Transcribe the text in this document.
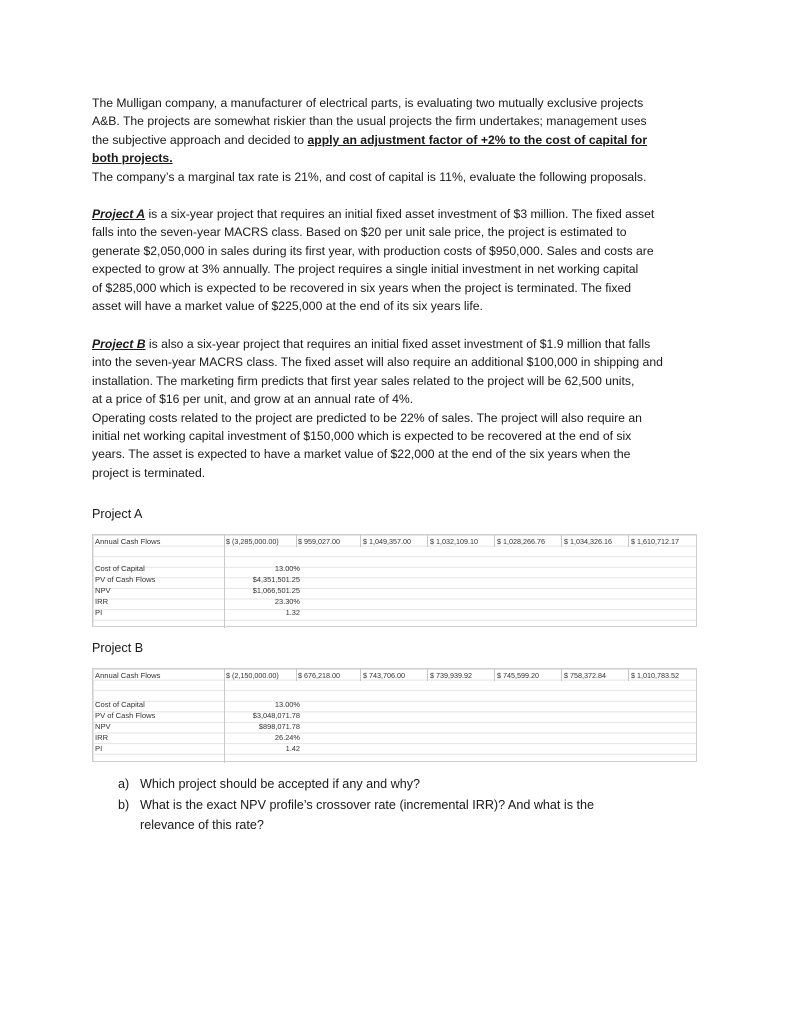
The Mulligan company, a manufacturer of electrical parts, is evaluating two mutually exclusive projects
A&B. The projects are somewhat riskier than the usual projects the firm undertakes; management uses
the subjective approach and decided to apply an adjustment factor of +2% to the cost of capital for
both projects.
The company’s a marginal tax rate is 21%, and cost of capital is 11%, evaluate the following proposals.
Project A is a six-year project that requires an initial fixed asset investment of $3 million. The fixed asset
falls into the seven-year MACRS class. Based on $20 per unit sale price, the project is estimated to
generate $2,050,000 in sales during its first year, with production costs of $950,000. Sales and costs are
expected to grow at 3% annually. The project requires a single initial investment in net working capital
of $285,000 which is expected to be recovered in six years when the project is terminated. The fixed
asset will have a market value of $225,000 at the end of its six years life.
Project B is also a six-year project that requires an initial fixed asset investment of $1.9 million that falls
into the seven-year MACRS class. The fixed asset will also require an additional $100,000 in shipping and
installation. The marketing firm predicts that first year sales related to the project will be 62,500 units,
at a price of $16 per unit, and grow at an annual rate of 4%.
Operating costs related to the project are predicted to be 22% of sales. The project will also require an
initial net working capital investment of $150,000 which is expected to be recovered at the end of six
years. The asset is expected to have a market value of $22,000 at the end of the six years when the
project is terminated.
Project A
Annual Cash Flows	$ (3,285,000.00)	$ 959,027.00	$ 1,049,357.00	$ 1,032,109.10	$ 1,028,266.76	$ 1,034,326.16	$ 1,610,712.17
Cost of Capital	13.00%
PV of Cash Flows	$4,351,501.25
NPV	$1,066,501.25
IRR	23.30%
PI	1.32
Project B
Annual Cash Flows	$ (2,150,000.00)	$ 676,218.00	$ 743,706.00	$ 739,939.92	$ 745,599.20	$ 758,372.84	$ 1,010,783.52
Cost of Capital	13.00%
PV of Cash Flows	$3,048,071.78
NPV	$898,071.78
IRR	26.24%
PI	1.42
a) Which project should be accepted if any and why?
b) What is the exact NPV profile’s crossover rate (incremental IRR)? And what is the
relevance of this rate?
